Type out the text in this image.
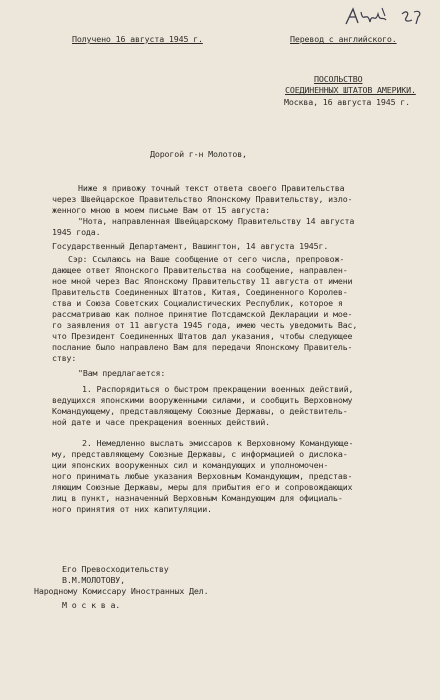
Получено 16 августа 1945 г.	Перевод с английского.
ПОСОЛЬСТВО
СОЕДИНЕННЫХ ШТАТОВ АМЕРИКИ.
Москва, 16 августа 1945 г.
Дорогой г-н Молотов,
Ниже я привожу точный текст ответа своего Правительства
через Швейцарское Правительство Японскому Правительству, изло-
женного мною в моем письме Вам от 15 августа:
"Нота, направленная Швейцарскому Правительству 14 августа
1945 года.
Государственный Департамент, Вашингтон, 14 августа 1945г.
Сэр: Ссылаюсь на Ваше сообщение от сего числа, препровож-
дающее ответ Японского Правительства на сообщение, направлен-
ное мной через Вас Японскому Правительству 11 августа от имени
Правительств Соединенных Штатов, Китая, Соединенного Королев-
ства и Союза Советских Социалистических Республик, которое я
рассматриваю как полное принятие Потсдамской Декларации и мое-
го заявления от 11 августа 1945 года, имею честь уведомить Вас,
что Президент Соединенных Штатов дал указания, чтобы следующее
послание было направлено Вам для передачи Японскому Правитель-
ству:
"Вам предлагается:
1. Распорядиться о быстром прекращении военных действий,
ведущихся японскими вооруженными силами, и сообщить Верховному
Командующему, представляющему Союзные Державы, о действитель-
ной дате и часе прекращения военных действий.
2. Немедленно выслать эмиссаров к Верховному Командующе-
му, представляющему Союзные Державы, с информацией о дислока-
ции японских вооруженных сил и командующих и уполномочен-
ного принимать любые указания Верховным Командующим, представ-
ляющим Союзные Державы, меры для прибытия его и сопровождающих
лиц в пункт, назначенный Верховным Командующим для официаль-
ного принятия от них капитуляции.
Его Превосходительству
В.М.МОЛОТОВУ,
Народному Комиссару Иностранных Дел.
М о с к в а.
